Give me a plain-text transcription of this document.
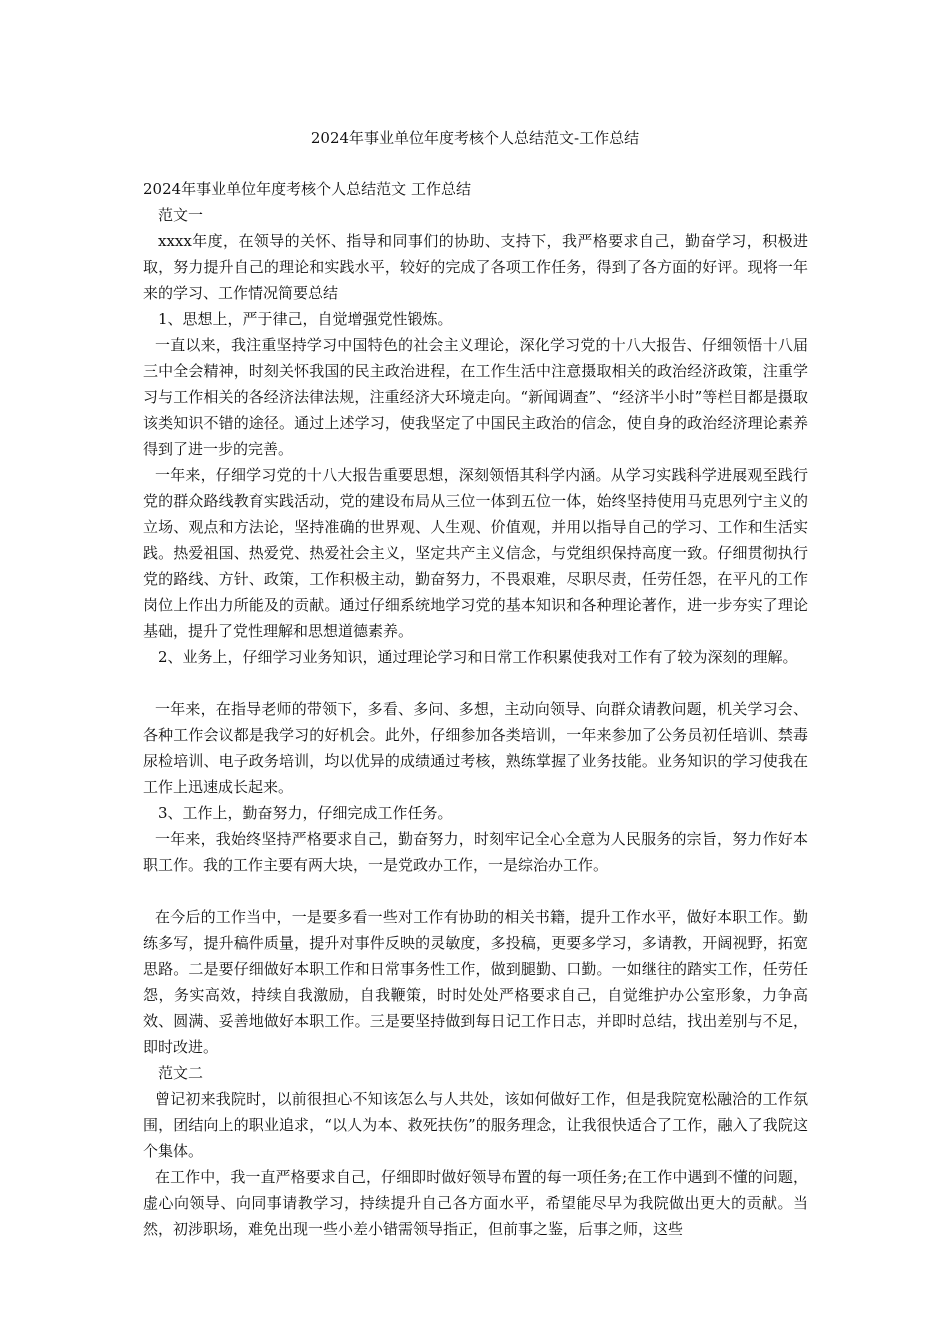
2024年事业单位年度考核个人总结范文-工作总结

2024年事业单位年度考核个人总结范文 工作总结

范文一

xxxx年度，在领导的关怀、指导和同事们的协助、支持下，我严格要求自己，勤奋学习，积极进取，努力提升自己的理论和实践水平，较好的完成了各项工作任务，得到了各方面的好评。现将一年来的学习、工作情况简要总结

1、思想上，严于律己，自觉增强党性锻炼。

一直以来，我注重坚持学习中国特色的社会主义理论，深化学习党的十八大报告、仔细领悟十八届三中全会精神，时刻关怀我国的民主政治进程，在工作生活中注意摄取相关的政治经济政策，注重学习与工作相关的各经济法律法规，注重经济大环境走向。“新闻调查”、“经济半小时”等栏目都是摄取该类知识不错的途径。通过上述学习，使我坚定了中国民主政治的信念，使自身的政治经济理论素养得到了进一步的完善。

一年来，仔细学习党的十八大报告重要思想，深刻领悟其科学内涵。从学习实践科学进展观至践行党的群众路线教育实践活动，党的建设布局从三位一体到五位一体，始终坚持使用马克思列宁主义的立场、观点和方法论，坚持准确的世界观、人生观、价值观，并用以指导自己的学习、工作和生活实践。热爱祖国、热爱党、热爱社会主义，坚定共产主义信念，与党组织保持高度一致。仔细贯彻执行党的路线、方针、政策，工作积极主动，勤奋努力，不畏艰难，尽职尽责，任劳任怨，在平凡的工作岗位上作出力所能及的贡献。通过仔细系统地学习党的基本知识和各种理论著作，进一步夯实了理论基础，提升了党性理解和思想道德素养。

2、业务上，仔细学习业务知识，通过理论学习和日常工作积累使我对工作有了较为深刻的理解。

一年来，在指导老师的带领下，多看、多问、多想，主动向领导、向群众请教问题，机关学习会、各种工作会议都是我学习的好机会。此外，仔细参加各类培训，一年来参加了公务员初任培训、禁毒尿检培训、电子政务培训，均以优异的成绩通过考核，熟练掌握了业务技能。业务知识的学习使我在工作上迅速成长起来。

3、工作上，勤奋努力，仔细完成工作任务。

一年来，我始终坚持严格要求自己，勤奋努力，时刻牢记全心全意为人民服务的宗旨，努力作好本职工作。我的工作主要有两大块，一是党政办工作，一是综治办工作。

在今后的工作当中，一是要多看一些对工作有协助的相关书籍，提升工作水平，做好本职工作。勤练多写，提升稿件质量，提升对事件反映的灵敏度，多投稿，更要多学习，多请教，开阔视野，拓宽思路。二是要仔细做好本职工作和日常事务性工作，做到腿勤、口勤。一如继往的踏实工作，任劳任怨，务实高效，持续自我激励，自我鞭策，时时处处严格要求自己，自觉维护办公室形象，力争高效、圆满、妥善地做好本职工作。三是要坚持做到每日记工作日志，并即时总结，找出差别与不足，即时改进。

范文二

曾记初来我院时，以前很担心不知该怎么与人共处，该如何做好工作，但是我院宽松融洽的工作氛围，团结向上的职业追求，“以人为本、救死扶伤”的服务理念，让我很快适合了工作，融入了我院这个集体。

在工作中，我一直严格要求自己，仔细即时做好领导布置的每一项任务;在工作中遇到不懂的问题，虚心向领导、向同事请教学习，持续提升自己各方面水平，希望能尽早为我院做出更大的贡献。当然，初涉职场，难免出现一些小差小错需领导指正，但前事之鉴，后事之师，这些
